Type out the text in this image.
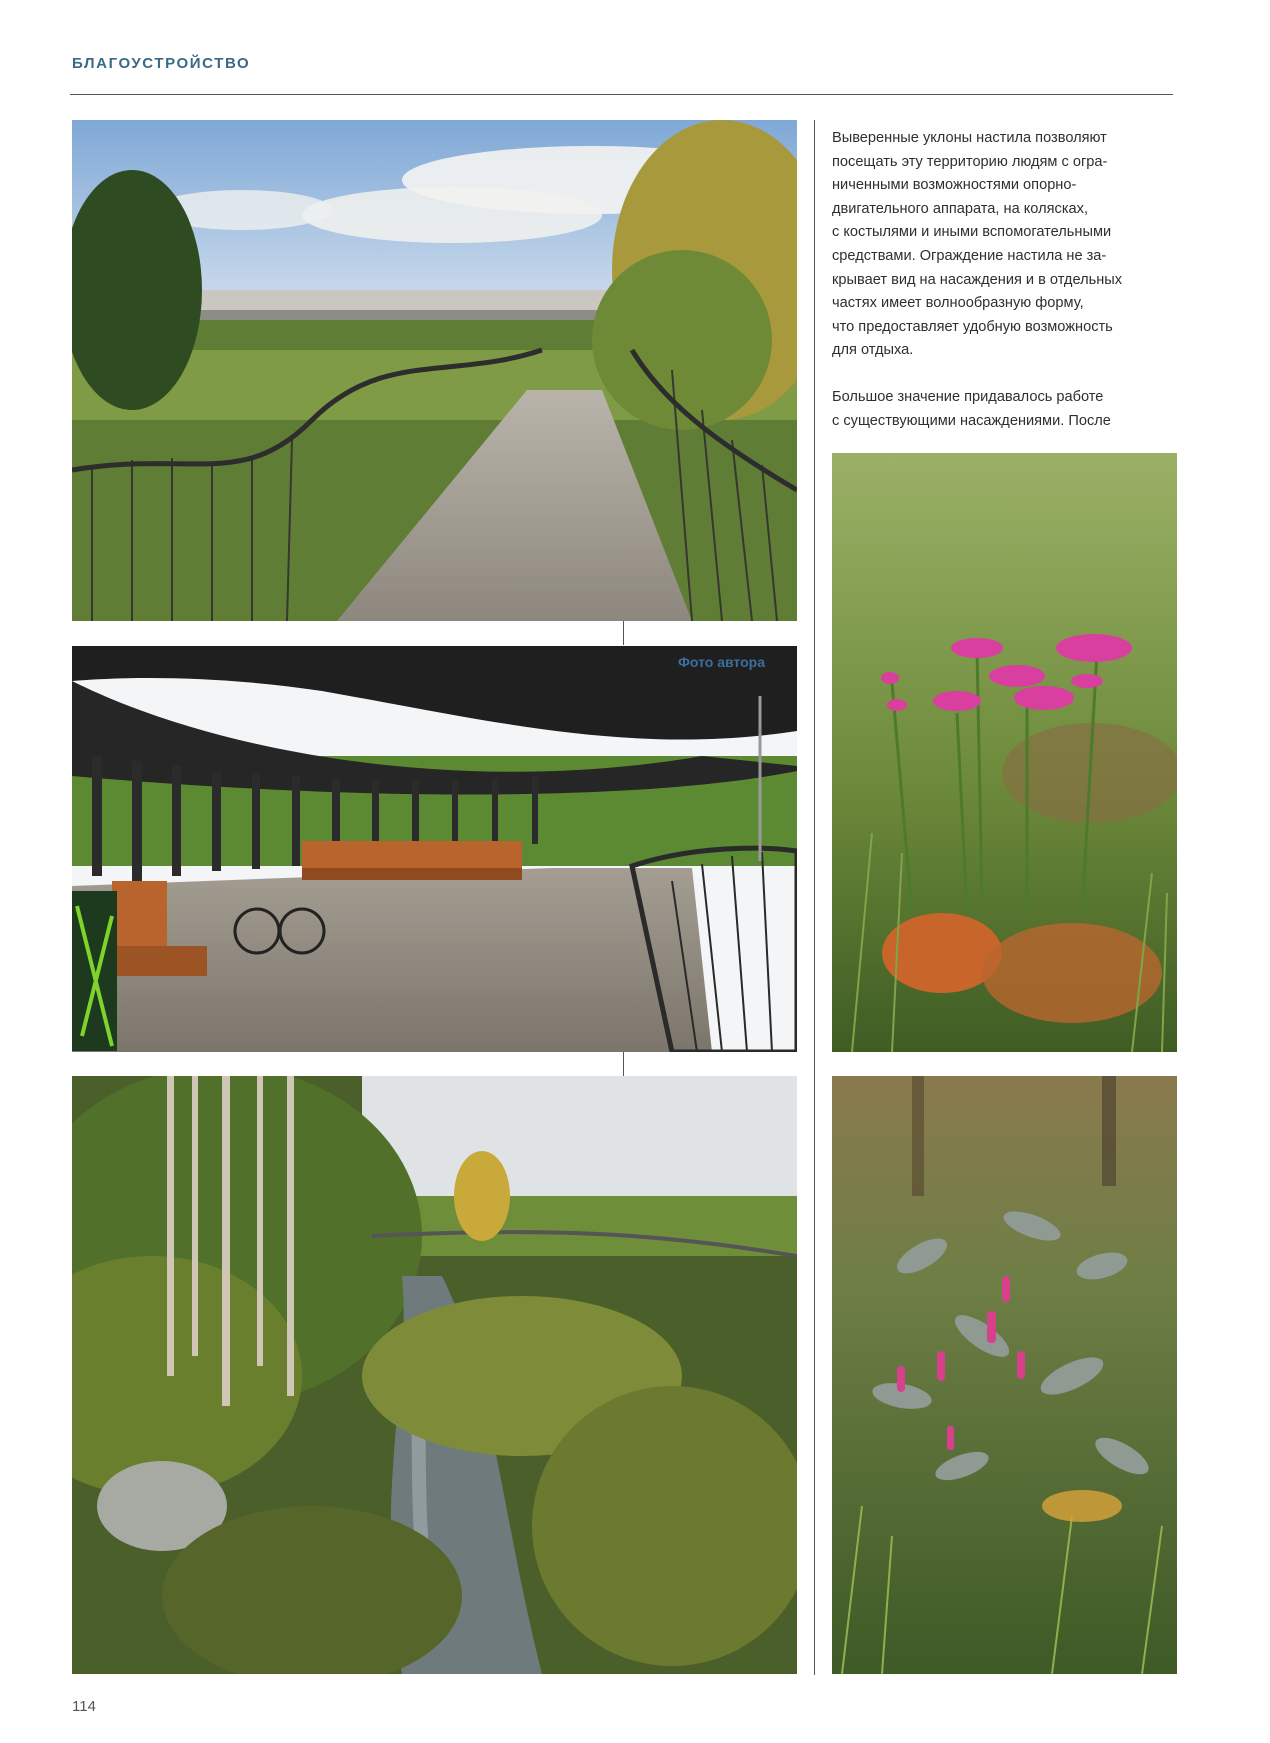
БЛАГОУСТРОЙСТВО
Фото автора
Выверенные уклоны настила позволяют
посещать эту территорию людям с огра-
ниченными возможностями опорно-
двигательного аппарата, на колясках,
с костылями и иными вспомогательными
средствами. Ограждение настила не за-
крывает вид на насаждения и в отдельных
частях имеет волнообразную форму,
что предоставляет удобную возможность
для отдыха.
Большое значение придавалось работе
с существующими насаждениями. После
114
